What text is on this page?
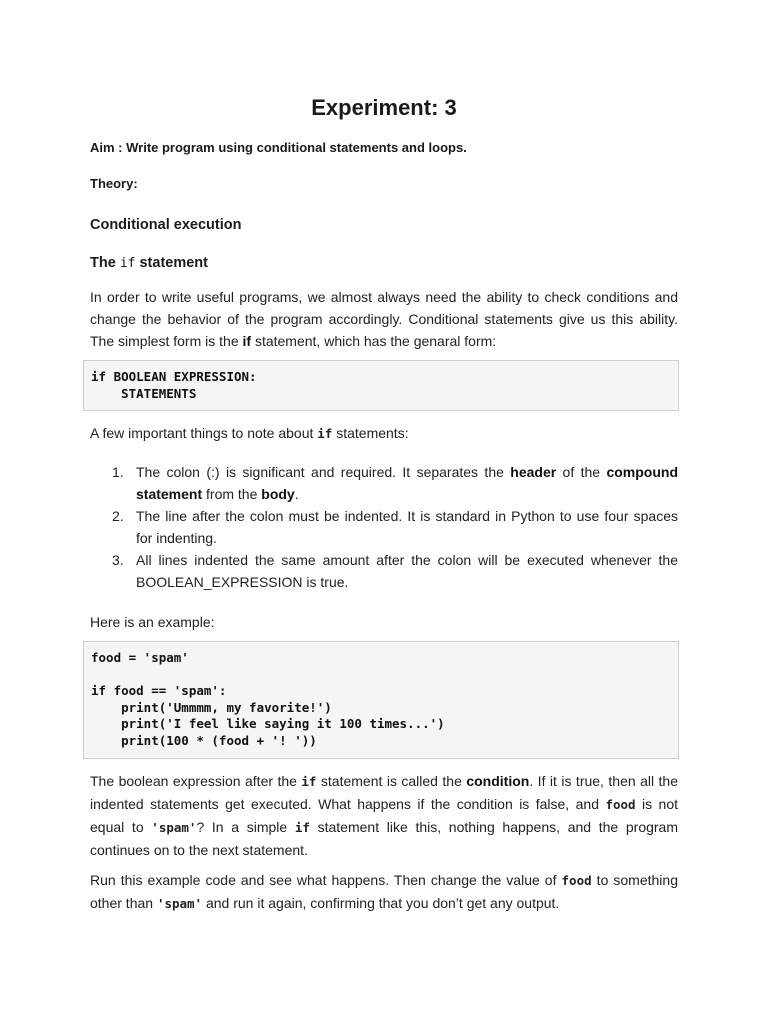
Experiment: 3

Aim : Write program using conditional statements and loops.

Theory:

Conditional execution
The if statement

In order to write useful programs, we almost always need the ability to check conditions and change the behavior of the program accordingly. Conditional statements give us this ability. The simplest form is the if statement, which has the genaral form:

if BOOLEAN EXPRESSION:
STATEMENTS

A few important things to note about if statements:

1. The colon (:) is significant and required. It separates the header of the compound statement from the body.
2. The line after the colon must be indented. It is standard in Python to use four spaces for indenting.
3. All lines indented the same amount after the colon will be executed whenever the BOOLEAN_EXPRESSION is true.

Here is an example:

food = 'spam'
if food == 'spam':
print('Ummmm, my favorite!')
print('I feel like saying it 100 times...')
print(100 * (food + '! '))

The boolean expression after the if statement is called the condition. If it is true, then all the indented statements get executed. What happens if the condition is false, and food is not equal to 'spam'? In a simple if statement like this, nothing happens, and the program continues on to the next statement.

Run this example code and see what happens. Then change the value of food to something other than 'spam' and run it again, confirming that you don’t get any output.
